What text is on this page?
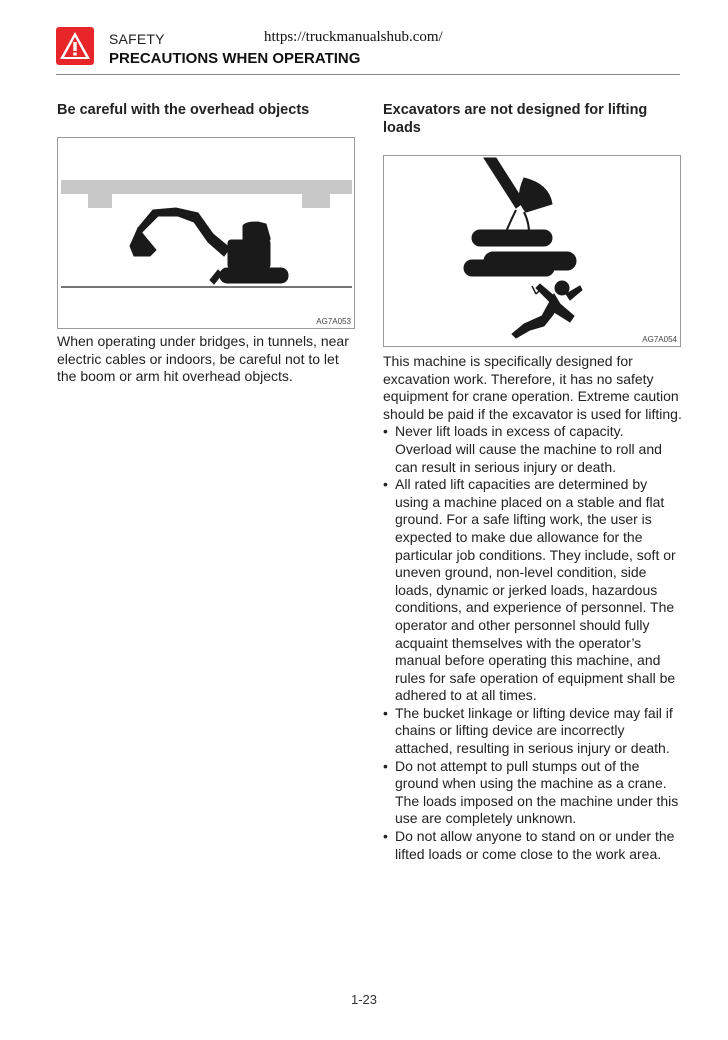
SAFETY	https://truckmanualshub.com/
PRECAUTIONS WHEN OPERATING

Be careful with the overhead objects

AG7A053

When operating under bridges, in tunnels, near electric cables or indoors, be careful not to let the boom or arm hit overhead objects.

Excavators are not designed for lifting loads

AG7A054

This machine is specifically designed for excavation work. Therefore, it has no safety equipment for crane operation. Extreme caution should be paid if the excavator is used for lifting.

• Never lift loads in excess of capacity. Overload will cause the machine to roll and can result in serious injury or death.
• All rated lift capacities are determined by using a machine placed on a stable and flat ground. For a safe lifting work, the user is expected to make due allowance for the particular job conditions. They include, soft or uneven ground, non-level condition, side loads, dynamic or jerked loads, hazardous conditions, and experience of personnel. The operator and other personnel should fully acquaint themselves with the operator’s manual before operating this machine, and rules for safe operation of equipment shall be adhered to at all times.
• The bucket linkage or lifting device may fail if chains or lifting device are incorrectly attached, resulting in serious injury or death.
• Do not attempt to pull stumps out of the ground when using the machine as a crane. The loads imposed on the machine under this use are completely unknown.
• Do not allow anyone to stand on or under the lifted loads or come close to the work area.
1-23
